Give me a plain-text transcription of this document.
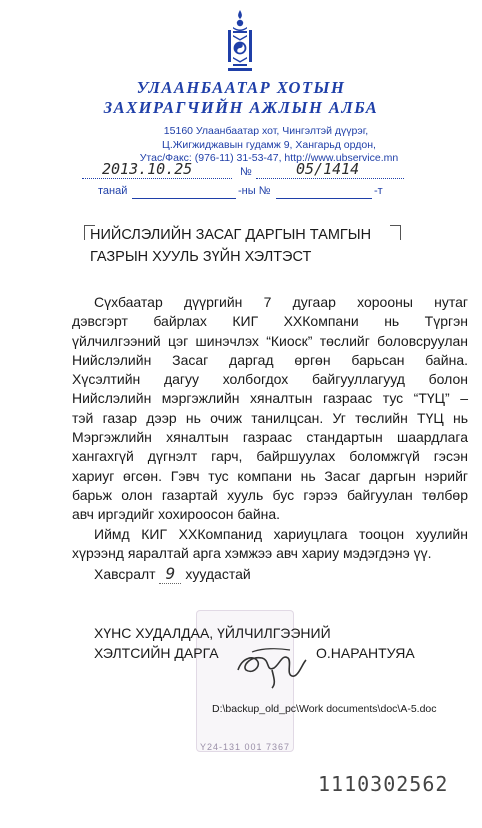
УЛААНБААТАР ХОТЫН
ЗАХИРАГЧИЙН АЖЛЫН АЛБА
15160 Улаанбаатар хот, Чингэлтэй дүүрэг,
Ц.Жигжиджавын гудамж 9, Хангарьд ордон,
Утас/Факс: (976-11) 31-53-47, http://www.ubservice.mn
2013.10.25	№	05/1414
танай	-ны №	-т
НИЙСЛЭЛИЙН ЗАСАГ ДАРГЫН ТАМГЫН
ГАЗРЫН ХУУЛЬ ЗҮЙН ХЭЛТЭСТ
Сүхбаатар дүүргийн 7 дугаар хорооны нутаг
дэвсгэрт байрлах КИГ ХХКомпани нь Түргэн
үйлчилгээний цэг шинэчлэх “Киоск” төслийг боловсруулан
Нийслэлийн Засаг даргад өргөн барьсан байна.
Хүсэлтийн дагуу холбогдох байгууллагууд болон
Нийслэлийн мэргэжлийн хяналтын газраас тус “ТҮЦ” –
тэй газар дээр нь очиж танилцсан. Уг төслийн ТҮЦ нь
Мэргэжлийн хяналтын газраас стандартын шаардлага
хангахгүй дүгнэлт гарч, байршуулах боломжгүй гэсэн
хариуг өгсөн. Гэвч тус компани нь Засаг даргын нэрийг
барьж олон газартай хууль бус гэрээ байгуулан төлбөр
авч иргэдийг хохироосон байна.
Иймд КИГ ХХКомпанид хариуцлага тооцон хуулийн
хүрээнд яаралтай арга хэмжээ авч хариу мэдэгдэнэ үү.
Хавсралт 9 хуудастай
Y24-131 001 7367
ХҮНС ХУДАЛДАА, ҮЙЛЧИЛГЭЭНИЙ
ХЭЛТСИЙН ДАРГА	О.НАРАНТУЯА
D:\backup_old_pc\Work documents\doc\A-5.doc
1110302562
